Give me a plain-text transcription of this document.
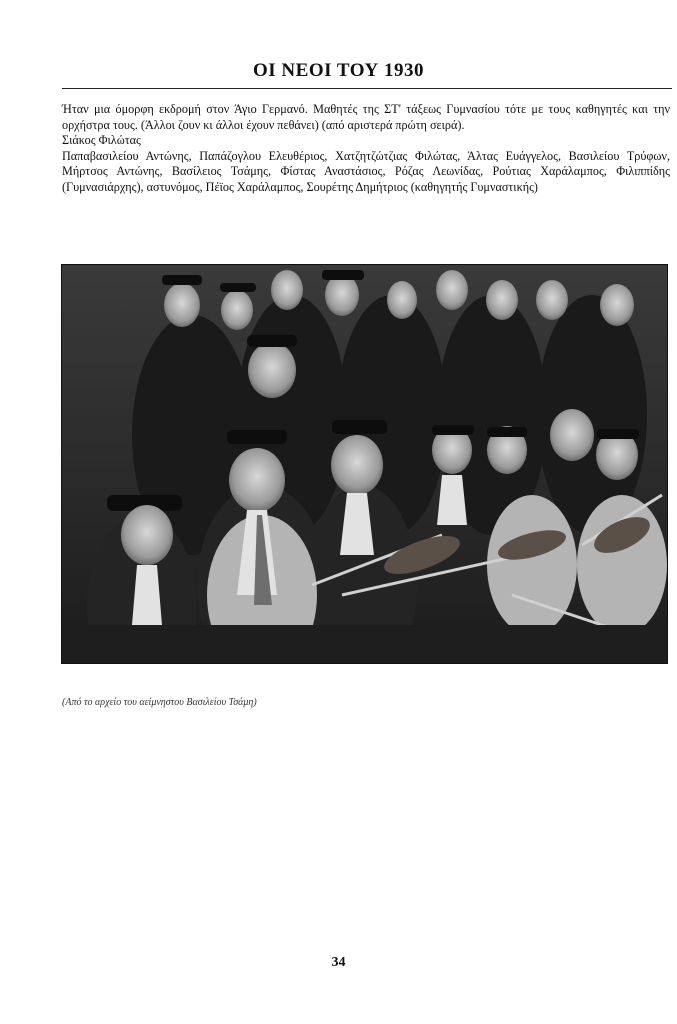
ΟΙ ΝΕΟΙ ΤΟΥ 1930

Ήταν μια όμορφη εκδρομή στον Άγιο Γερμανό. Μαθητές της ΣΤ' τάξεως Γυμνασίου τότε με τους καθηγητές και την ορχήστρα τους. (Άλλοι ζουν κι άλλοι έχουν πεθάνει) (από αριστερά πρώτη σειρά).

Σιάκος Φιλώτας

Παπαβασιλείου Αντώνης, Παπάζογλου Ελευθέριος, Χατζητζώτζιας Φιλώτας, Άλτας Ευάγγελος, Βασιλείου Τρύφων, Μήρτσος Αντώνης, Βασίλειος Τσάμης, Φίστας Αναστάσιος, Ρόζας Λεωνίδας, Ρούτιας Χαράλαμπος, Φιλιππίδης (Γυμνασιάρχης), αστυνόμος, Πέϊος Χαράλαμπος, Σουρέτης Δημήτριος (καθηγητής Γυμναστικής)

(Από το αρχείο του αείμνηστου Βασιλείου Τσάμη)
34
